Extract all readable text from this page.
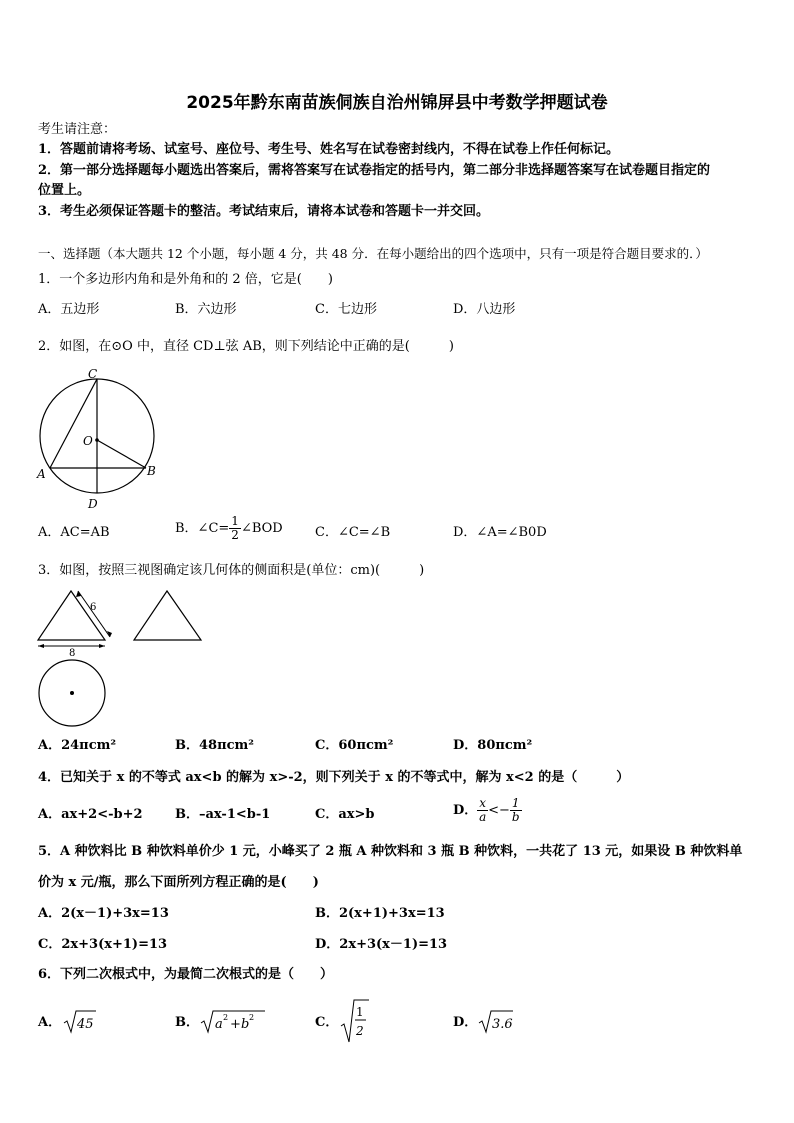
2025年黔东南苗族侗族自治州锦屏县中考数学押题试卷
考生请注意：
1．答题前请将考场、试室号、座位号、考生号、姓名写在试卷密封线内，不得在试卷上作任何标记。
2．第一部分选择题每小题选出答案后，需将答案写在试卷指定的括号内，第二部分非选择题答案写在试卷题目指定的
位置上。
3．考生必须保证答题卡的整洁。考试结束后，请将本试卷和答题卡一并交回。
一、选择题（本大题共 12 个小题，每小题 4 分，共 48 分．在每小题给出的四个选项中，只有一项是符合题目要求的．）
1．一个多边形内角和是外角和的 2 倍，它是(　　)
A．五边形	B．六边形	C．七边形	D．八边形
2．如图，在⊙O 中，直径 CD⊥弦 AB，则下列结论中正确的是(　　　)
C
O
A	B
D
A．AC=AB	B．∠C= $\frac{1}{2}$ ∠BOD C．∠C=∠B	D．∠A=∠B0D
3．如图，按照三视图确定该几何体的侧面积是(单位：cm)(　　　)
6
8
A．24πcm²	B．48πcm²	C．60πcm²	D．80πcm²
4．已知关于 x 的不等式 ax<b 的解为 x>-2，则下列关于 x 的不等式中，解为 x<2 的是（　　　）
A．ax+2<-b+2 B．–ax-1<b-1	C．ax>b	D． $\frac{x}{a} <- \frac{1}{b}$
5．A 种饮料比 B 种饮料单价少 1 元，小峰买了 2 瓶 A 种饮料和 3 瓶 B 种饮料，一共花了 13 元，如果设 B 种饮料单
价为 x 元/瓶，那么下面所列方程正确的是(　　)
A．2(x－1)+3x=13	B．2(x+1)+3x=13
C．2x+3(x+1)=13	D．2x+3(x－1)=13
6．下列二次根式中，为最简二次根式的是（　　）
A． 45	B． a 2 + b 2	C．
1
2
D． 3.6
